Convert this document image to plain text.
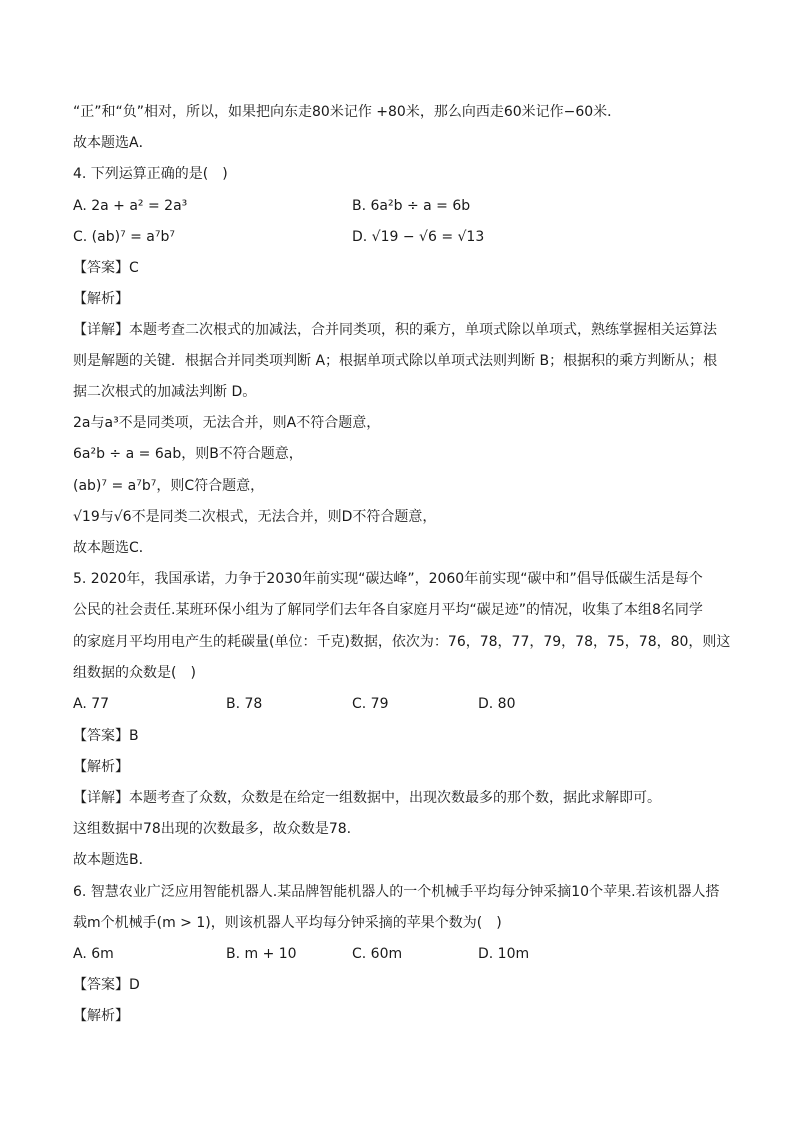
“正”和“负”相对，所以，如果把向东走80米记作 +80米，那么向西走60米记作−60米．
故本题选A．
4. 下列运算正确的是(　)
A. 2a + a² = 2a³	B. 6a²b ÷ a = 6b
C. (ab)⁷ = a⁷b⁷	D. √19 − √6 = √13
【答案】C
【解析】
【详解】本题考查二次根式的加减法，合并同类项，积的乘方，单项式除以单项式，熟练掌握相关运算法
则是解题的关键．根据合并同类项判断 A；根据单项式除以单项式法则判断 B；根据积的乘方判断从；根
据二次根式的加减法判断 D。
2a与a³不是同类项，无法合并，则A不符合题意，
6a²b ÷ a = 6ab，则B不符合题意，
(ab)⁷ = a⁷b⁷，则C符合题意，
√19与√6不是同类二次根式，无法合并，则D不符合题意，
故本题选C．
5. 2020年，我国承诺，力争于2030年前实现“碳达峰”，2060年前实现“碳中和”倡导低碳生活是每个
公民的社会责任.某班环保小组为了解同学们去年各自家庭月平均“碳足迹”的情况，收集了本组8名同学
的家庭月平均用电产生的耗碳量(单位：千克)数据，依次为：76，78，77，79，78，75，78，80，则这
组数据的众数是(　)
A. 77	B. 78	C. 79	D. 80
【答案】B
【解析】
【详解】本题考查了众数，众数是在给定一组数据中，出现次数最多的那个数，据此求解即可。
这组数据中78出现的次数最多，故众数是78.
故本题选B．
6. 智慧农业广泛应用智能机器人.某品牌智能机器人的一个机械手平均每分钟采摘10个苹果.若该机器人搭
载m个机械手(m > 1)，则该机器人平均每分钟采摘的苹果个数为(　)
A. 6m	B. m + 10	C. 60m	D. 10m
【答案】D
【解析】
